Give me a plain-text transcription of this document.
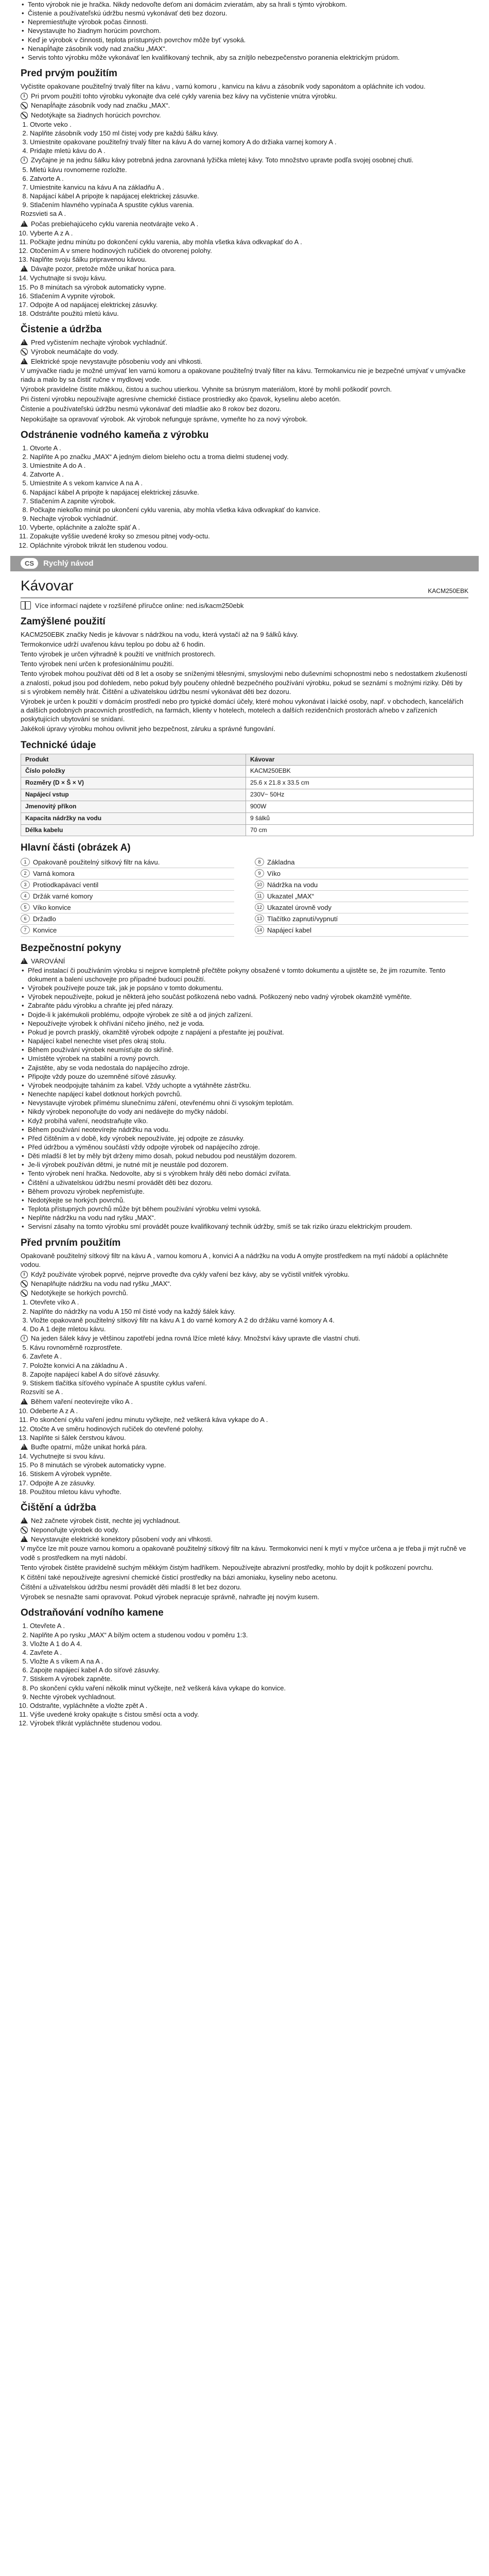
• Tento výrobok nie je hračka. Nikdy nedovoľte deťom ani domácim zvieratám, aby sa hrali s týmto výrobkom.
• Čistenie a používateľskú údržbu nesmú vykonávať deti bez dozoru.
• Nepremiestňujte výrobok počas činnosti.
• Nevystavujte ho žiadnym horúcim povrchom.
• Keď je výrobok v činnosti, teplota prístupných povrchov môže byť vysoká.
• Nenapĺňajte zásobník vody nad značku „MAX“.
• Servis tohto výrobku môže vykonávať len kvalifikovaný technik, aby sa zníţilo nebezpečenstvo poranenia elektrickým prúdom.
Pred prvým použitím

Vyčistite opakovane použiteľný trvalý filter na kávu , varnú komoru , kanvicu na kávu a zásobník vody saponátom a opláchnite ich vodou.

i Pri prvom použití tohto výrobku vykonajte dva celé cykly varenia bez kávy na vyčistenie vnútra výrobku.
Nenapĺňajte zásobník vody nad značku „MAX“.
Nedotýkajte sa žiadnych horúcich povrchov.
1. Otvorte veko .
2. Naplňte zásobník vody 150 ml čistej vody pre každú šálku kávy.
3. Umiestnite opakovane použiteľný trvalý filter na kávu A do varnej komory A do držiaka varnej komory A .
4. Pridajte mletú kávu do A .
i Zvyčajne je na jednu šálku kávy potrebná jedna zarovnaná lyžička mletej kávy. Toto množstvo upravte podľa svojej osobnej chuti.
5. Mletú kávu rovnomerne rozložte.
6. Zatvorte A .
7. Umiestnite kanvicu na kávu A na základňu A .
8. Napájací kábel A pripojte k napájacej elektrickej zásuvke.
9. Stlačením hlavného vypínača A spustite cyklus varenia.

Rozsvieti sa A .

!
Počas prebiehajúceho cyklu varenia neotvárajte veko A .
10. Vyberte A z A .
11. Počkajte jednu minútu po dokončení cyklu varenia, aby mohla všetka káva odkvapkať do A .
12. Otočením A v smere hodinových ručičiek do otvorenej polohy.
13. Naplňte svoju šálku pripravenou kávou.
!
Dávajte pozor, pretože môže unikať horúca para.
14. Vychutnajte si svoju kávu.
15. Po 8 minútach sa výrobok automaticky vypne.
16. Stlačením A vypnite výrobok.
17. Odpojte A od napájacej elektrickej zásuvky.
18. Odstráňte použitú mletú kávu.
Čistenie a údržba
!
Pred vyčistením nechajte výrobok vychladnúť.
Výrobok neumáčajte do vody.
!
Elektrické spoje nevystavujte pôsobeniu vody ani vlhkosti.

V umývačke riadu je možné umývať len varnú komoru a opakovane použiteľný trvalý filter na kávu. Termokanvicu nie je bezpečné umývať v umývačke riadu a malo by sa čistiť ručne v mydlovej vode.

Výrobok pravidelne čistite mäkkou, čistou a suchou utierkou. Vyhnite sa brúsnym materiálom, ktoré by mohli poškodiť povrch.

Pri čistení výrobku nepoužívajte agresívne chemické čistiace prostriedky ako čpavok, kyselinu alebo acetón.

Čistenie a používateľskú údržbu nesmú vykonávať deti mladšie ako 8 rokov bez dozoru.

Nepokúšajte sa opravovať výrobok. Ak výrobok nefunguje správne, vymeňte ho za nový výrobok.

Odstránenie vodného kameňa z výrobku
1. Otvorte A .
2. Naplňte A po značku „MAX“ A jedným dielom bieleho octu a troma dielmi studenej vody.
3. Umiestnite A do A .
4. Zatvorte A .
5. Umiestnite A s vekom kanvice A na A .
6. Napájací kábel A pripojte k napájacej elektrickej zásuvke.
7. Stlačením A zapnite výrobok.
8. Počkajte niekoľko minút po ukončení cyklu varenia, aby mohla všetka káva odkvapkať do kanvice.
9. Nechajte výrobok vychladnúť.
10. Vyberte, opláchnite a založte späť A .
11. Zopakujte vyššie uvedené kroky so zmesou pitnej vody-octu.
12. Opláchnite výrobok trikrát len studenou vodou.
CS	Rychlý návod
Kávovar	KACM250EBK
Více informací najdete v rozšířené příručce online: ned.is/kacm250ebk
Zamýšlené použití

KACM250EBK značky Nedis je kávovar s nádržkou na vodu, která vystačí až na 9 šálků kávy.

Termokonvice udrží uvařenou kávu teplou po dobu až 6 hodin.

Tento výrobek je určen výhradně k použití ve vnitřních prostorech.

Tento výrobek není určen k profesionálnímu použití.

Tento výrobek mohou používat děti od 8 let a osoby se sníženými tělesnými, smyslovými nebo duševními schopnostmi nebo s nedostatkem zkušeností a znalostí, pokud jsou pod dohledem, nebo pokud byly poučeny ohledně bezpečného používání výrobku, pokud se seznámí s možnými riziky. Děti by si s výrobkem neměly hrát. Čištění a uživatelskou údržbu nesmí vykonávat děti bez dozoru.

Výrobek je určen k použití v domácím prostředí nebo pro typické domácí účely, které mohou vykonávat i laické osoby, např. v obchodech, kancelářích a dalších podobných pracovních prostředích, na farmách, klienty v hotelech, motelech a dalších rezidenčních prostorách a/nebo v zařízeních poskytujících ubytování se snídaní.

Jakékoli úpravy výrobku mohou ovlivnit jeho bezpečnost, záruku a správné fungování.

Technické údaje
Produkt	Kávovar
Číslo položky	KACM250EBK
Rozměry (D × Š × V)	25.6 x 21.8 x 33.5 cm
Napájecí vstup	230V~ 50Hz
Jmenovitý příkon	900W
Kapacita nádržky na vodu	9 šálků
Délka kabelu	70 cm
Hlavní části (obrázek A)
1 Opakovaně použitelný sítkový filtr na kávu.	8 Základna
2 Varná komora	9 Víko
3 Protiodkapávací ventil	10 Nádržka na vodu
4 Držák varné komory	11 Ukazatel „MAX“
5 Víko konvice	12 Ukazatel úrovně vody
6 Držadlo	13 Tlačítko zapnutí/vypnutí
7 Konvice	14 Napájecí kabel
Bezpečnostní pokyny
!
VAROVÁNÍ
• Před instalací či používáním výrobku si nejprve kompletně přečtěte pokyny obsažené v tomto dokumentu a ujistěte se, že jim rozumíte. Tento dokument a balení uschovejte pro případné budoucí použití.
• Výrobek používejte pouze tak, jak je popsáno v tomto dokumentu.
• Výrobek nepoužívejte, pokud je některá jeho součást poškozená nebo vadná. Poškozený nebo vadný výrobek okamžitě vyměňte.
• Zabraňte pádu výrobku a chraňte jej před nárazy.
• Dojde-li k jakémukoli problému, odpojte výrobek ze sítě a od jiných zařízení.
• Nepoužívejte výrobek k ohřívání ničeho jiného, než je voda.
• Pokud je povrch prasklý, okamžitě výrobek odpojte z napájení a přestaňte jej používat.
• Napájecí kabel nenechte viset přes okraj stolu.
• Během používání výrobek neumísťujte do skříně.
• Umístěte výrobek na stabilní a rovný povrch.
• Zajistěte, aby se voda nedostala do napájecího zdroje.
• Připojte vždy pouze do uzemněné síťové zásuvky.
• Výrobek neodpojujte taháním za kabel. Vždy uchopte a vytáhněte zástrčku.
• Nenechte napájecí kabel dotknout horkých povrchů.
• Nevystavujte výrobek přímému slunečnímu záření, otevřenému ohni či vysokým teplotám.
• Nikdy výrobek neponořujte do vody ani nedávejte do myčky nádobí.
• Když probíhá vaření, neodstraňujte víko.
• Během používání neotevírejte nádržku na vodu.
• Před čištěním a v době, kdy výrobek nepoužíváte, jej odpojte ze zásuvky.
• Před údržbou a výměnou součástí vždy odpojte výrobek od napájecího zdroje.
• Děti mladší 8 let by měly být drženy mimo dosah, pokud nebudou pod neustálým dozorem.
• Je-li výrobek používán dětmi, je nutné mít je neustále pod dozorem.
• Tento výrobek není hračka. Nedovolte, aby si s výrobkem hrály děti nebo domácí zvířata.
• Čištění a uživatelskou údržbu nesmí provádět děti bez dozoru.
• Během provozu výrobek nepřemisťujte.
• Nedotýkejte se horkých povrchů.
• Teplota přístupných povrchů může být během používání výrobku velmi vysoká.
• Neplňte nádržku na vodu nad ryšku „MAX“.
• Servisní zásahy na tomto výrobku smí provádět pouze kvalifikovaný technik údržby, smíš se tak riziko úrazu elektrickým proudem.
Před prvním použitím

Opakovaně použitelný sítkový filtr na kávu A , varnou komoru A , konvici A a nádržku na vodu A omyjte prostředkem na mytí nádobí a opláchněte vodou.

i Když používáte výrobek poprvé, nejprve proveďte dva cykly vaření bez kávy, aby se vyčistil vnitřek výrobku.
Nenaplňujte nádržku na vodu nad ryšku „MAX“.
Nedotýkejte se horkých povrchů.
1. Otevřete víko A .
2. Naplňte do nádržky na vodu A 150 ml čisté vody na každý šálek kávy.
3. Vložte opakovaně použitelný sítkový filtr na kávu A 1 do varné komory A 2 do držáku varné komory A 4.
4. Do A 1 dejte mletou kávu.
i Na jeden šálek kávy je většinou zapotřebí jedna rovná lžíce mleté kávy. Množství kávy upravte dle vlastní chuti.
5. Kávu rovnoměrně rozprostřete.
6. Zavřete A .
7. Položte konvici A na základnu A .
8. Zapojte napájecí kabel A do síťové zásuvky.
9. Stiskem tlačítka síťového vypínače A spustíte cyklus vaření.

Rozsvítí se A .

!
Během vaření neotevírejte víko A .
10. Odeberte A z A .
11. Po skončení cyklu vaření jednu minutu vyčkejte, než veškerá káva vykape do A .
12. Otočte A ve směru hodinových ručiček do otevřené polohy.
13. Naplňte si šálek čerstvou kávou.
!
Buďte opatrní, může unikat horká pára.
14. Vychutnejte si svou kávu.
15. Po 8 minutách se výrobek automaticky vypne.
16. Stiskem A výrobek vypněte.
17. Odpojte A ze zásuvky.
18. Použitou mletou kávu vyhoďte.
Čištění a údržba
!
Než začnete výrobek čistit, nechte jej vychladnout.
Neponořujte výrobek do vody.
!
Nevystavujte elektrické konektory působení vody ani vlhkosti.

V myčce lze mít pouze varnou komoru a opakovaně použitelný sítkový filtr na kávu. Termokonvici není k mytí v myčce určena a je třeba ji mýt ručně ve vodě s prostředkem na mytí nádobí.

Tento výrobek čistěte pravidelně suchým měkkým čistým hadříkem. Nepoužívejte abrazivní prostředky, mohlo by dojít k poškození povrchu.

K čištění také nepoužívejte agresivní chemické čisticí prostředky na bázi amoniaku, kyseliny nebo acetonu.

Čištění a uživatelskou údržbu nesmí provádět děti mladší 8 let bez dozoru.

Výrobek se nesnažte sami opravovat. Pokud výrobek nepracuje správně, nahraďte jej novým kusem.

Odstraňování vodního kamene
1. Otevřete A .
2. Naplňte A po rysku „MAX“ A bílým octem a studenou vodou v poměru 1:3.
3. Vložte A 1 do A 4.
4. Zavřete A .
5. Vložte A s víkem A na A .
6. Zapojte napájecí kabel A do síťové zásuvky.
7. Stiskem A výrobek zapněte.
8. Po skončení cyklu vaření několik minut vyčkejte, než veškerá káva vykape do konvice.
9. Nechte výrobek vychladnout.
10. Odstraňte, vypláchněte a vložte zpět A .
11. Výše uvedené kroky opakujte s čistou směsí octa a vody.
12. Výrobek třikrát vypláchněte studenou vodou.
